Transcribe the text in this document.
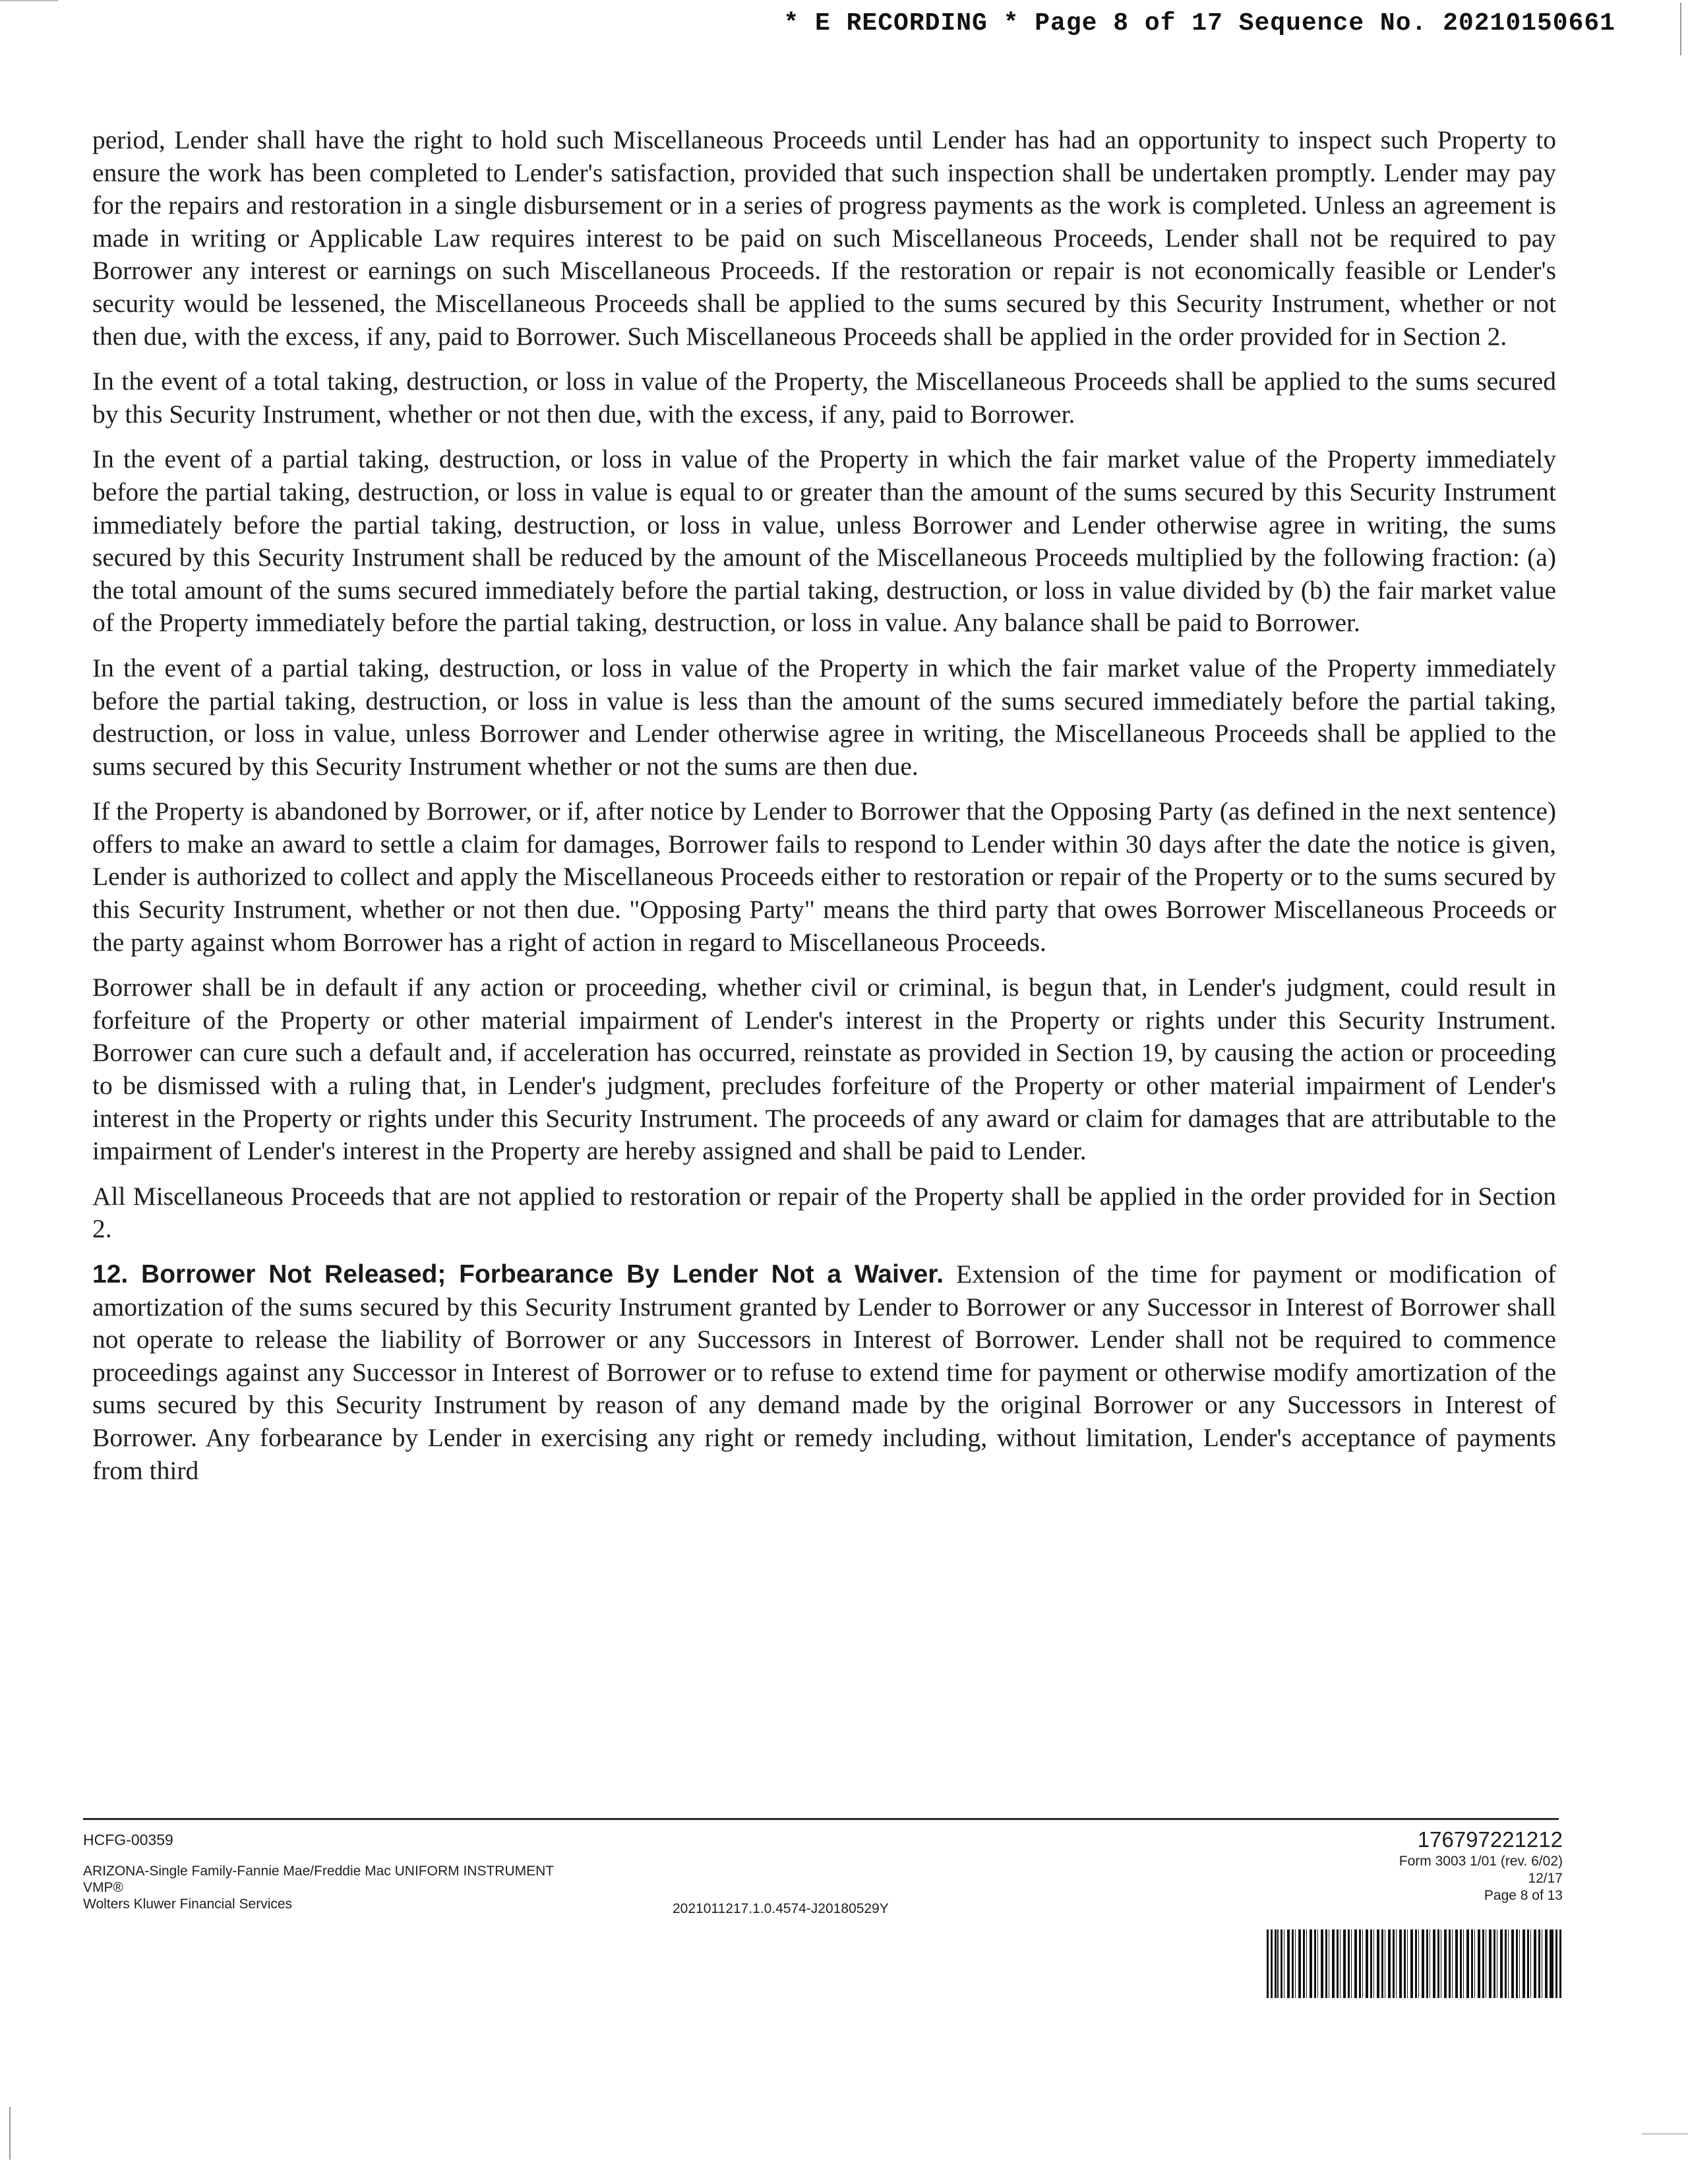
* E RECORDING * Page 8 of 17 Sequence No. 20210150661

period, Lender shall have the right to hold such Miscellaneous Proceeds until Lender has had an opportunity to inspect such Property to ensure the work has been completed to Lender's satisfaction, provided that such inspection shall be undertaken promptly. Lender may pay for the repairs and restoration in a single disbursement or in a series of progress payments as the work is completed. Unless an agreement is made in writing or Applicable Law requires interest to be paid on such Miscellaneous Proceeds, Lender shall not be required to pay Borrower any interest or earnings on such Miscellaneous Proceeds. If the restoration or repair is not economically feasible or Lender's security would be lessened, the Miscellaneous Proceeds shall be applied to the sums secured by this Security Instrument, whether or not then due, with the excess, if any, paid to Borrower. Such Miscellaneous Proceeds shall be applied in the order provided for in Section 2.

In the event of a total taking, destruction, or loss in value of the Property, the Miscellaneous Proceeds shall be applied to the sums secured by this Security Instrument, whether or not then due, with the excess, if any, paid to Borrower.

In the event of a partial taking, destruction, or loss in value of the Property in which the fair market value of the Property immediately before the partial taking, destruction, or loss in value is equal to or greater than the amount of the sums secured by this Security Instrument immediately before the partial taking, destruction, or loss in value, unless Borrower and Lender otherwise agree in writing, the sums secured by this Security Instrument shall be reduced by the amount of the Miscellaneous Proceeds multiplied by the following fraction: (a) the total amount of the sums secured immediately before the partial taking, destruction, or loss in value divided by (b) the fair market value of the Property immediately before the partial taking, destruction, or loss in value. Any balance shall be paid to Borrower.

In the event of a partial taking, destruction, or loss in value of the Property in which the fair market value of the Property immediately before the partial taking, destruction, or loss in value is less than the amount of the sums secured immediately before the partial taking, destruction, or loss in value, unless Borrower and Lender otherwise agree in writing, the Miscellaneous Proceeds shall be applied to the sums secured by this Security Instrument whether or not the sums are then due.

If the Property is abandoned by Borrower, or if, after notice by Lender to Borrower that the Opposing Party (as defined in the next sentence) offers to make an award to settle a claim for damages, Borrower fails to respond to Lender within 30 days after the date the notice is given, Lender is authorized to collect and apply the Miscellaneous Proceeds either to restoration or repair of the Property or to the sums secured by this Security Instrument, whether or not then due. "Opposing Party" means the third party that owes Borrower Miscellaneous Proceeds or the party against whom Borrower has a right of action in regard to Miscellaneous Proceeds.

Borrower shall be in default if any action or proceeding, whether civil or criminal, is begun that, in Lender's judgment, could result in forfeiture of the Property or other material impairment of Lender's interest in the Property or rights under this Security Instrument. Borrower can cure such a default and, if acceleration has occurred, reinstate as provided in Section 19, by causing the action or proceeding to be dismissed with a ruling that, in Lender's judgment, precludes forfeiture of the Property or other material impairment of Lender's interest in the Property or rights under this Security Instrument. The proceeds of any award or claim for damages that are attributable to the impairment of Lender's interest in the Property are hereby assigned and shall be paid to Lender.

All Miscellaneous Proceeds that are not applied to restoration or repair of the Property shall be applied in the order provided for in Section 2.

12. Borrower Not Released; Forbearance By Lender Not a Waiver. Extension of the time for payment or modification of amortization of the sums secured by this Security Instrument granted by Lender to Borrower or any Successor in Interest of Borrower shall not operate to release the liability of Borrower or any Successors in Interest of Borrower. Lender shall not be required to commence proceedings against any Successor in Interest of Borrower or to refuse to extend time for payment or otherwise modify amortization of the sums secured by this Security Instrument by reason of any demand made by the original Borrower or any Successors in Interest of Borrower. Any forbearance by Lender in exercising any right or remedy including, without limitation, Lender's acceptance of payments from third

HCFG-00359
ARIZONA-Single Family-Fannie Mae/Freddie Mac UNIFORM INSTRUMENT
VMP®
Wolters Kluwer Financial Services	2021011217.1.0.4574-J20180529Y
176797221212
Form 3003 1/01 (rev. 6/02)
12/17
Page 8 of 13
